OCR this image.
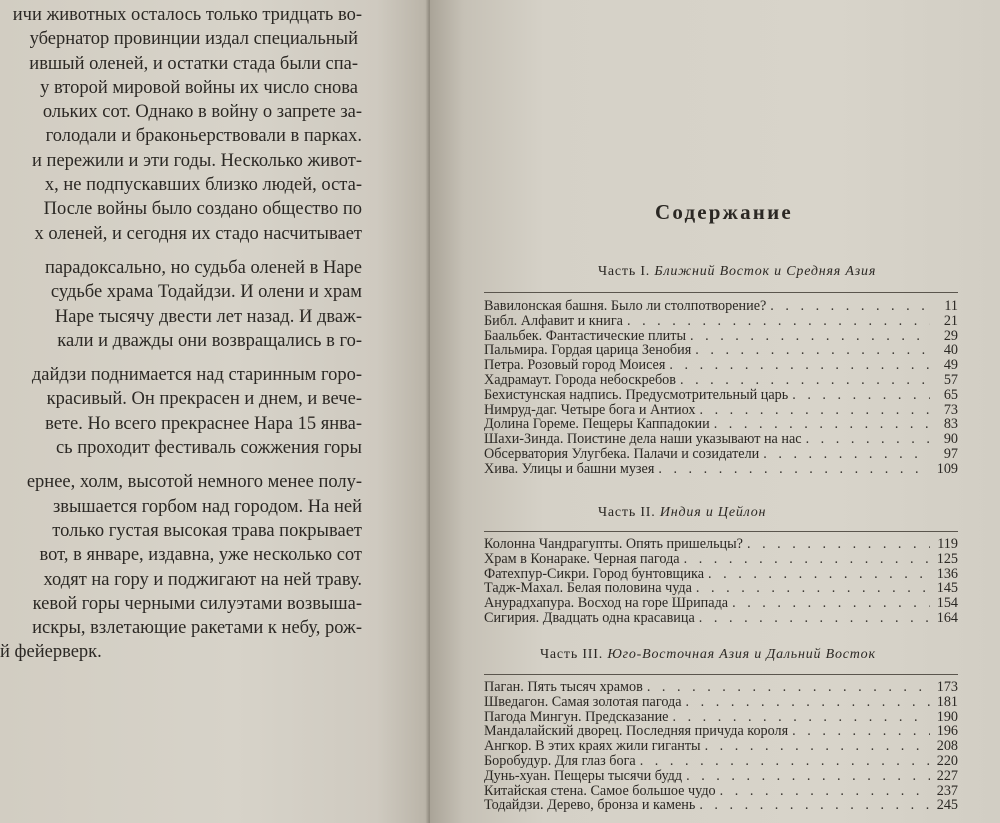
ичи животных осталось только тридцать во-
убернатор провинции издал специальный
ившый оленей, и остатки стада были спа-
у второй мировой войны их число снова
ольких сот. Однако в войну о запрете за-
голодали и браконьерствовали в парках.
и пережили и эти годы. Несколько живот-
х, не подпускавших близко людей, оста-
После войны было создано общество по
х оленей, и сегодня их стадо насчитывает
парадоксально, но судьба оленей в Наре
судьбе храма Тодайдзи. И олени и храм
Наре тысячу двести лет назад. И дваж-
кали и дважды они возвращались в го-
дайдзи поднимается над старинным горо-
красивый. Он прекрасен и днем, и вече-
вете. Но всего прекраснее Нара 15 янва-
сь проходит фестиваль сожжения горы
ернее, холм, высотой немного менее полу-
звышается горбом над городом. На ней
только густая высокая трава покрывает
вот, в январе, издавна, уже несколько сот
ходят на гору и поджигают на ней траву.
кевой горы черными силуэтами возвыша-
искры, взлетающие ракетами к небу, рож-
й фейерверк.
Содержание
Часть I. Ближний Восток и Средняя Азия
Вавилонская башня. Было ли столпотворение? . . .	11
Библ. Алфавит и книга . . .	21
Баальбек. Фантастические плиты . . .	29
Пальмира. Гордая царица Зенобия . . .	40
Петра. Розовый город Моисея . . .	49
Хадрамаут. Города небоскребов . . .	57
Бехистунская надпись. Предусмотрительный царь . . .	65
Нимруд-даг. Четыре бога и Антиох . . .	73
Долина Гореме. Пещеры Каппадокии . . .	83
Шахи-Зинда. Поистине дела наши указывают на нас . . .	90
Обсерватория Улугбека. Палачи и созидатели . . .	97
Хива. Улицы и башни музея . . .	109
Часть II. Индия и Цейлон
Колонна Чандрагупты. Опять пришельцы? . . .	119
Храм в Конараке. Черная пагода . . .	125
Фатехпур-Сикри. Город бунтовщика . . .	136
Тадж-Махал. Белая половина чуда . . .	145
Анурадхапура. Восход на горе Шрипада . . .	154
Сигирия. Двадцать одна красавица . . .	164
Часть III. Юго-Восточная Азия и Дальний Восток
Паган. Пять тысяч храмов . . .	173
Шведагон. Самая золотая пагода . . .	181
Пагода Мингун. Предсказание . . .	190
Мандалайский дворец. Последняя причуда короля . . .	196
Ангкор. В этих краях жили гиганты . . .	208
Боробудур. Для глаз бога . . .	220
Дунь-хуан. Пещеры тысячи будд . . .	227
Китайская стена. Самое большое чудо . . .	237
Тодайдзи. Дерево, бронза и камень . . .	245
